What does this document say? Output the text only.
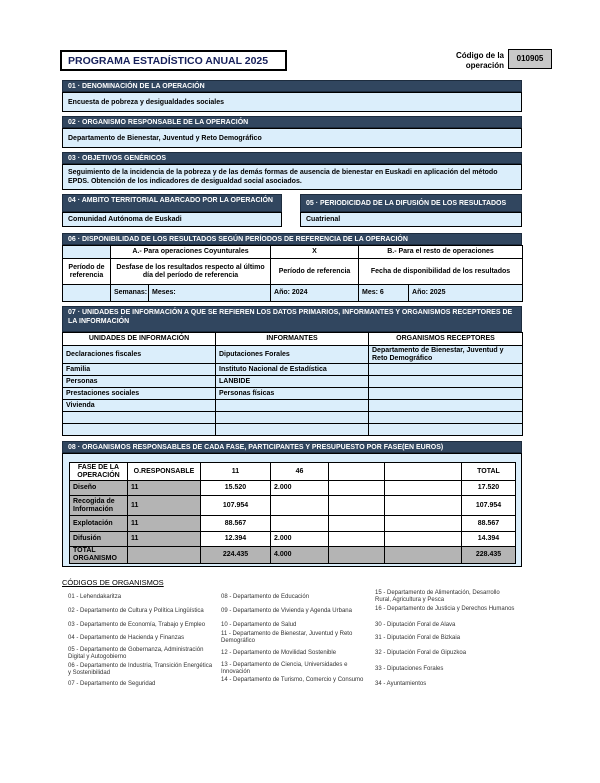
PROGRAMA ESTADÍSTICO ANUAL 2025	Código de la operación
010905
01 · DENOMINACIÓN DE LA OPERACIÓN
Encuesta de pobreza y desigualdades sociales
02 · ORGANISMO RESPONSABLE DE LA OPERACIÓN
Departamento de Bienestar, Juventud y Reto Demográfico
03 · OBJETIVOS GENÉRICOS
Seguimiento de la incidencia de la pobreza y de las demás formas de ausencia de bienestar en Euskadi en aplicación del método EPDS. Obtención de los indicadores de desigualdad social asociados.
04 · AMBITO TERRITORIAL ABARCADO POR LA OPERACIÓN
Comunidad Autónoma de Euskadi
05 · PERIODICIDAD DE LA DIFUSIÓN DE LOS RESULTADOS
Cuatrienal
06 · DISPONIBILIDAD DE LOS RESULTADOS SEGÚN PERÍODOS DE REFERENCIA DE LA OPERACIÓN
	A.- Para operaciones Coyunturales		X	B.- Para el resto de operaciones	
Período de referencia	Desfase de los resultados respecto al último día del período de referencia		Período de referencia	Fecha de disponibilidad de los resultados	
	Semanas:	Meses:	Año: 2024	Mes: 6	Año: 2025
07 · UNIDADES DE INFORMACIÓN A QUE SE REFIEREN LOS DATOS PRIMARIOS, INFORMANTES Y ORGANISMOS RECEPTORES DE LA INFORMACIÓN
UNIDADES DE INFORMACIÓN	INFORMANTES	ORGANISMOS RECEPTORES
Declaraciones fiscales	Diputaciones Forales	Departamento de Bienestar, Juventud y Reto Demográfico
Familia	Instituto Nacional de Estadística	
Personas	LANBIDE	
Prestaciones sociales	Personas físicas	
Vivienda		

08 · ORGANISMOS RESPONSABLES DE CADA FASE, PARTICIPANTES Y PRESUPUESTO POR FASE(EN EUROS)
FASE DE LA OPERACIÓN	O.RESPONSABLE	11	46			TOTAL
Diseño	11	15.520	2.000			17.520
Recogida de Información	11	107.954				107.954
Explotación	11	88.567				88.567
Difusión	11	12.394	2.000			14.394
TOTAL ORGANISMO		224.435	4.000			228.435
CÓDIGOS DE ORGANISMOS
01 - Lehendakaritza
02 - Departamento de Cultura y Política Lingüística
03 - Departamento de Economía, Trabajo y Empleo
04 - Departamento de Hacienda y Finanzas
05 - Departamento de Gobernanza, Administración Digital y Autogobierno
06 - Departamento de Industria, Transición Energética y Sostenibilidad
07 - Departamento de Seguridad
08 - Departamento de Educación
09 - Departamento de Vivienda y Agenda Urbana
10 - Departamento de Salud
11 - Departamento de Bienestar, Juventud y Reto Demográfico
12 - Departamento de Movilidad Sostenible
13 - Departamento de Ciencia, Universidades e Innovación
14 - Departamento de Turismo, Comercio y Consumo
15 - Departamento de Alimentación, Desarrollo Rural, Agricultura y Pesca
16 - Departamento de Justicia y Derechos Humanos
30 - Diputación Foral de Alava
31 - Diputación Foral de Bizkaia
32 - Diputación Foral de Gipuzkoa
33 - Diputaciones Forales
34 - Ayuntamientos
